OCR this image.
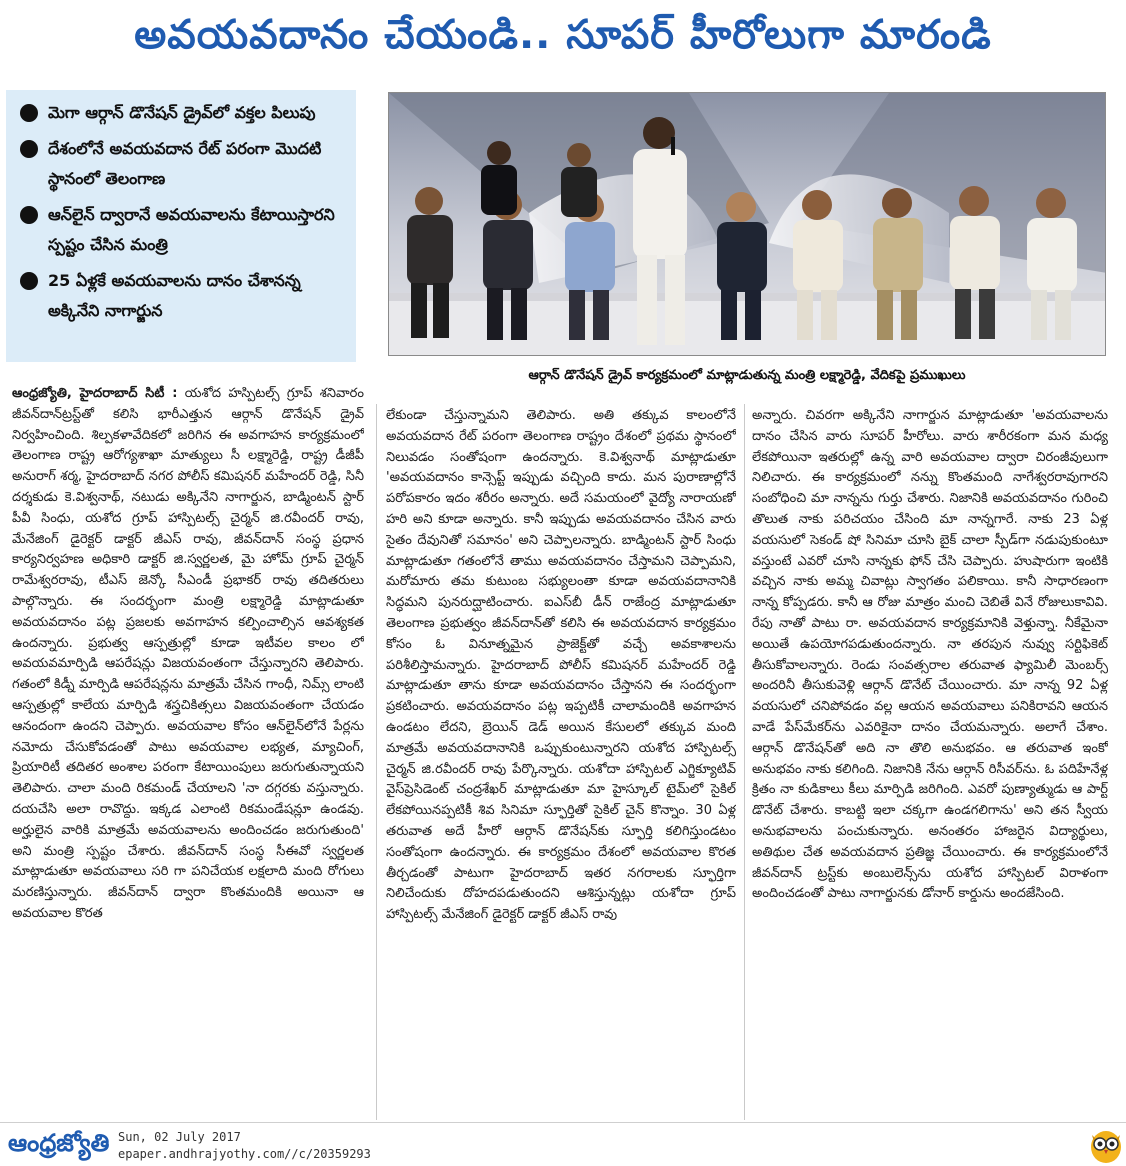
అవయవదానం చేయండి.. సూపర్ హీరోలుగా మారండి
మెగా ఆర్గాన్ డొనేషన్ డ్రైవ్‌లో వక్తల పిలుపు
దేశంలోనే అవయవదాన రేట్ పరంగా మొదటి స్థానంలో తెలంగాణ
ఆన్‌లైన్ ద్వారానే అవయవాలను కేటాయిస్తారని స్పష్టం చేసిన మంత్రి
25 ఏళ్లకే అవయవాలను దానం చేశానన్న అక్కినేని నాగార్జున
ఆర్గాన్ డొనేషన్ డ్రైవ్ కార్యక్రమంలో మాట్లాడుతున్న మంత్రి లక్ష్మారెడ్డి, వేదికపై ప్రముఖులు
ఆంధ్రజ్యోతి, హైదరాబాద్ సిటీ : యశోద హస్పిటల్స్ గ్రూప్ శనివారం జీవన్‌దాన్‌ట్రస్ట్‌తో కలిసి భారీఎత్తున ఆర్గాన్ డొనేషన్ డ్రైవ్ నిర్వహించింది. శిల్పకళావేదికలో జరిగిన ఈ అవగాహన కార్యక్రమంలో తెలంగాణ రాష్ట్ర ఆరోగ్యశాఖా మాత్యులు సీ లక్ష్మారెడ్డి, రాష్ట్ర డీజీపీ అనురాగ్ శర్మ, హైదరాబాద్ నగర పోలీస్ కమిషనర్ మహేందర్ రెడ్డి, సినీ దర్శకుడు కె.విశ్వనాథ్, నటుడు అక్కినేని నాగార్జున, బాడ్మింటన్ స్టార్ పీవీ సింధు, యశోద గ్రూప్ హాస్పిటల్స్ చైర్మన్ జి.రవీందర్ రావు, మేనేజింగ్ డైరెక్టర్ డాక్టర్ జీఎస్ రావు, జీవన్‌దాన్ సంస్థ ప్రధాన కార్యనిర్వహణ అధికారి డాక్టర్ జి.స్వర్ణలత, మై హోమ్ గ్రూప్ చైర్మన్ రామేశ్వరరావు, టీఎస్ జెన్కో సీఎండీ ప్రభాకర్ రావు తదితరులు పాల్గొన్నారు. ఈ సందర్భంగా మంత్రి లక్ష్మారెడ్డి మాట్లాడుతూ అవయవదానం పట్ల ప్రజలకు అవగాహన కల్పించాల్సిన ఆవశ్యకత ఉందన్నారు. ప్రభుత్వ ఆస్పత్రుల్లో కూడా ఇటీవల కాలం లో అవయవమార్పిడి ఆపరేషన్లు విజయవంతంగా చేస్తున్నారని తెలిపారు. గతంలో కిడ్నీ మార్పిడి ఆపరేషన్లను మాత్రమే చేసిన గాంధీ, నిమ్స్ లాంటి ఆస్పత్రుల్లో కాలేయ మార్పిడి శస్త్రచికిత్సలు విజయవంతంగా చేయడం ఆనందంగా ఉందని చెప్పారు. అవయవాల కోసం ఆన్‌లైన్‌లోనే పేర్లను నమోదు చేసుకోవడంతో పాటు అవయవాల లభ్యత, మ్యాచింగ్, ప్రియారిటీ తదితర అంశాల పరంగా కేటాయింపులు జరుగుతున్నాయని తెలిపారు. చాలా మంది రికమండ్ చేయాలని 'నా దగ్గరకు వస్తున్నారు. దయచేసి అలా రావొద్దు. ఇక్కడ ఎలాంటి రికమండేషన్లూ ఉండవు. అర్హులైన వారికి మాత్రమే అవయవాలను అందించడం జరుగుతుంది' అని మంత్రి స్పష్టం చేశారు. జీవన్‌దాన్ సంస్థ సీఈవో స్వర్ణలత మాట్లాడుతూ అవయవాలు సరి గా పనిచేయక లక్షలాది మంది రోగులు మరణిస్తున్నారు. జీవన్‌దాన్ ద్వారా కొంతమందికి అయినా ఆ అవయవాల కొరత
లేకుండా చేస్తున్నామని తెలిపారు. అతి తక్కువ కాలంలోనే అవయవదాన రేట్ పరంగా తెలంగాణ రాష్ట్రం దేశంలో ప్రథమ స్థానంలో నిలువడం సంతోషంగా ఉందన్నారు. కె.విశ్వనాథ్ మాట్లాడుతూ 'అవయవదానం కాన్సెప్ట్ ఇప్పుడు వచ్చింది కాదు. మన పురాణాల్లోనే పరోపకారం ఇదం శరీరం అన్నారు. అదే సమయంలో వైద్యో నారాయణో హరి అని కూడా అన్నారు. కానీ ఇప్పుడు అవయవదానం చేసిన వారు సైతం దేవునితో సమానం' అని చెప్పాలన్నారు. బాడ్మింటన్ స్టార్ సింధు మాట్లాడుతూ గతంలోనే తాము అవయవదానం చేస్తామని చెప్పామని, మరోమారు తమ కుటుంబ సభ్యులంతా కూడా అవయవదానానికి సిద్ధమని పునరుద్ఘాటించారు. ఐఎస్‌బీ డీన్ రాజేంద్ర మాట్లాడుతూ తెలంగాణ ప్రభుత్వం జీవన్‌దాన్‌తో కలిసి ఈ అవయవదాన కార్యక్రమం కోసం ఓ వినూత్నమైన ప్రాజెక్ట్‌తో వచ్చే అవకాశాలను పరిశీలిస్తామన్నారు. హైదరాబాద్ పోలీస్ కమిషనర్ మహేందర్ రెడ్డి మాట్లాడుతూ తాను కూడా అవయవదానం చేస్తానని ఈ సందర్భంగా ప్రకటించారు. అవయవదానం పట్ల ఇప్పటికీ చాలామందికి అవగాహన ఉండటం లేదని, బ్రెయిన్ డెడ్ అయిన కేసులలో తక్కువ మంది మాత్రమే అవయవదానానికి ఒప్పుకుంటున్నారని యశోద హాస్పిటల్స్ చైర్మన్ జి.రవీందర్ రావు పేర్కొన్నారు. యశోదా హాస్పిటల్ ఎగ్జిక్యూటివ్ వైస్‌ప్రెసిడెంట్ చంద్రశేఖర్ మాట్లాడుతూ మా హైస్కూల్ టైమ్‌లో సైకిల్ లేకపోయినప్పటికీ శివ సినిమా స్ఫూర్తితో సైకిల్ చైన్ కొన్నాం. 30 ఏళ్ల తరువాత అదే హీరో ఆర్గాన్ డొనేషన్‌కు స్ఫూర్తి కలిగిస్తుండటం సంతోషంగా ఉందన్నారు. ఈ కార్యక్రమం దేశంలో అవయవాల కొరత తీర్చడంతో పాటుగా హైదరాబాద్ ఇతర నగరాలకు స్ఫూర్తిగా నిలిచేందుకు దోహదపడుతుందని ఆశిస్తున్నట్లు యశోదా గ్రూప్ హాస్పిటల్స్ మేనేజింగ్ డైరెక్టర్ డాక్టర్ జీఎస్ రావు
అన్నారు. చివరగా అక్కినేని నాగార్జున మాట్లాడుతూ 'అవయవాలను దానం చేసిన వారు సూపర్ హీరోలు. వారు శారీరకంగా మన మధ్య లేకపోయినా ఇతరుల్లో ఉన్న వారి అవయవాల ద్వారా చిరంజీవులుగా నిలిచారు. ఈ కార్యక్రమంలో నన్ను కొంతమంది నాగేశ్వరరావుగారని సంబోధించి మా నాన్నను గుర్తు చేశారు. నిజానికి అవయవదానం గురించి తొలుత నాకు పరిచయం చేసింది మా నాన్నగారే. నాకు 23 ఏళ్ల వయసులో సెకండ్ షో సినిమా చూసి బైక్ చాలా స్పీడ్‌గా నడుపుకుంటూ వస్తుంటే ఎవరో చూసి నాన్నకు ఫోన్ చేసి చెప్పారు. హుషారుగా ఇంటికి వచ్చిన నాకు అమ్మ చివాట్లు స్వాగతం పలికాయి. కానీ సాధారణంగా నాన్న కోప్పడరు. కానీ ఆ రోజు మాత్రం మంచి చెబితే వినే రోజులుకావివి. రేపు నాతో పాటు రా. అవయవదాన కార్యక్రమానికి వెళ్తున్నా. నీకేమైనా అయితే ఉపయోగపడుతుందన్నారు. నా తరపున నువ్వు సర్టిఫికెట్ తీసుకోవాలన్నారు. రెండు సంవత్సరాల తరువాత ఫ్యామిలీ మెంబర్స్ అందరినీ తీసుకువెళ్లి ఆర్గాన్ డొనేట్ చేయించారు. మా నాన్న 92 ఏళ్ల వయసులో చనిపోవడం వల్ల ఆయన అవయవాలు పనికిరావని ఆయన వాడే పేస్‌మేకర్‌ను ఎవరికైనా దానం చేయమన్నారు. అలాగే చేశాం. ఆర్గాన్ డొనేషన్‌తో అది నా తొలి అనుభవం. ఆ తరువాత ఇంకో అనుభవం నాకు కలిగింది. నిజానికి నేను ఆర్గాన్ రిసీవర్‌ను. ఓ పదిహేనేళ్ల క్రితం నా కుడికాలు కీలు మార్పిడి జరిగింది. ఎవరో పుణ్యాత్ముడు ఆ పార్ట్ డొనేట్ చేశారు. కాబట్టి ఇలా చక్కగా ఉండగలిగాను' అని తన స్వీయ అనుభవాలను పంచుకున్నారు. అనంతరం హాజరైన విద్యార్థులు, అతిథుల చేత అవయవదాన ప్రతిజ్ఞ చేయించారు. ఈ కార్యక్రమంలోనే జీవన్‌దాన్ ట్రస్ట్‌కు అంబులెన్స్‌ను యశోద హాస్పిటల్ విరాళంగా అందించడంతో పాటు నాగార్జునకు డోనార్ కార్డును అందజేసింది.
ఆంధ్రజ్యోతి Sun, 02 July 2017
epaper.andhrajyothy.com//c/20359293
